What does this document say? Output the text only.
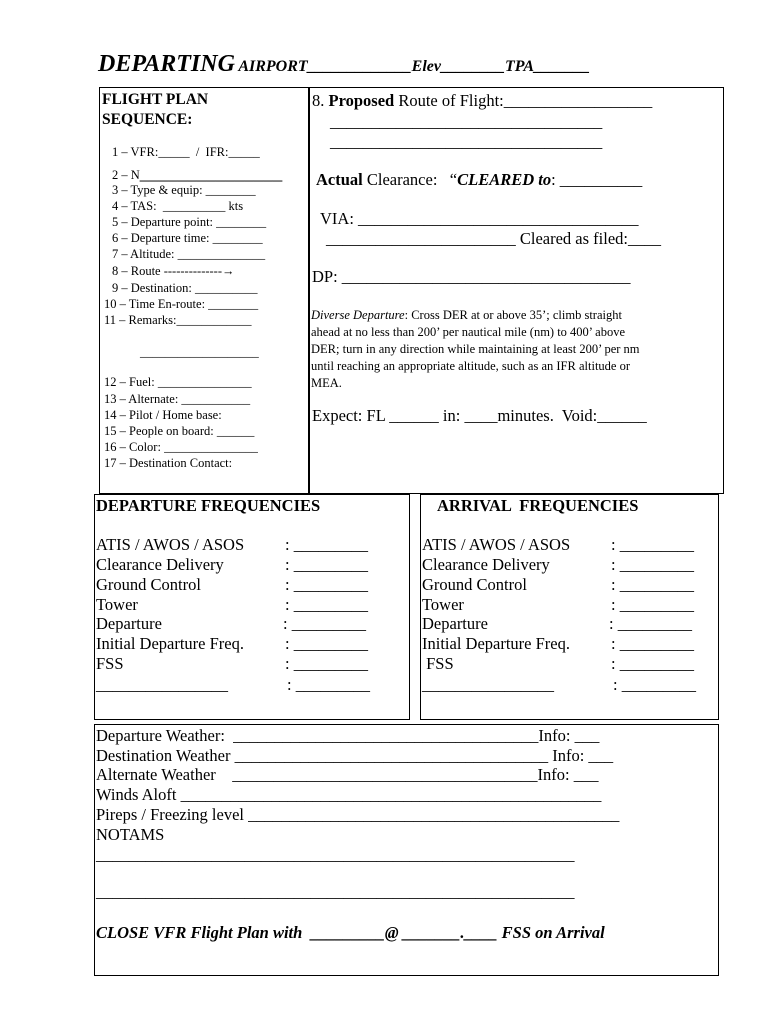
DEPARTING AIRPORT_____________Elev________TPA_______

FLIGHT PLAN
SEQUENCE:
1 – VFR:_____  /  IFR:_____
2 – N_______________
3 – Type & equip: ________
4 – TAS:  __________ kts
5 – Departure point: ________
6 – Departure time: ________
7 – Altitude: ______________
8 – Route --------------→
9 – Destination: __________
10 – Time En-route: ________
11 – Remarks:____________
___________________
12 – Fuel: _______________
13 – Alternate: ___________
14 – Pilot / Home base:
15 – People on board: ______
16 – Color: _______________
17 – Destination Contact:
8. Proposed Route of Flight:__________________
_________________________________
_________________________________
Actual Clearance:   “CLEARED to: __________
VIA: __________________________________
_______________________ Cleared as filed:____
DP: ___________________________________
Diverse Departure: Cross DER at or above 35’; climb straight
ahead at no less than 200’ per nautical mile (nm) to 400’ above
DER; turn in any direction while maintaining at least 200’ per nm
until reaching an appropriate altitude, such as an IFR altitude or
MEA.
Expect: FL ______ in: ____minutes.  Void:______
DEPARTURE FREQUENCIES
ATIS / AWOS / ASOS : _________
Clearance Delivery	: _________
Ground Control	: _________
Tower	: _________
Departure	: _________
Initial Departure Freq. : _________
FSS	: _________
________________	: _________
ARRIVAL  FREQUENCIES
ATIS / AWOS / ASOS : _________
Clearance Delivery	: _________
Ground Control	: _________
Tower	: _________
Departure	: _________
Initial Departure Freq. : _________
FSS	: _________
________________	: _________
Departure Weather:  _____________________________________Info: ___
Destination Weather ______________________________________ Info: ___
Alternate Weather    _____________________________________Info: ___
Winds Aloft ___________________________________________________
Pireps / Freezing level _____________________________________________
NOTAMS
__________________________________________________________
__________________________________________________________
CLOSE VFR Flight Plan with  _________@ _______.____ FSS on Arrival
